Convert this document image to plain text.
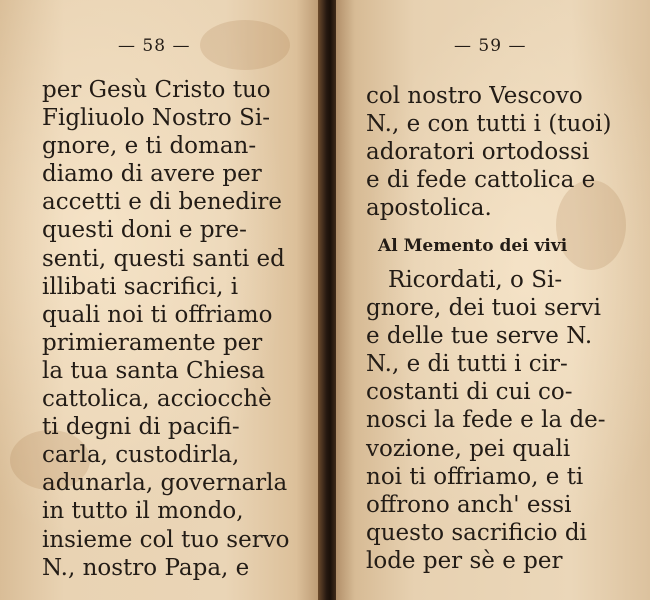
— 58 —
per Gesù Cristo tuo
Figliuolo Nostro Si-
gnore, e ti doman-
diamo di avere per
accetti e di benedire
questi doni e pre-
senti, questi santi ed
illibati sacrifici, i
quali noi ti offriamo
primieramente per
la tua santa Chiesa
cattolica, acciocchè
ti degni di pacifi-
carla, custodirla,
adunarla, governarla
in tutto il mondo,
insieme col tuo servo
N., nostro Papa, e
— 59 —
col nostro Vescovo
N., e con tutti i (tuoi)
adoratori ortodossi
e di fede cattolica e
apostolica.
Al Memento dei vivi
Ricordati, o Si-
gnore, dei tuoi servi
e delle tue serve N.
N., e di tutti i cir-
costanti di cui co-
nosci la fede e la de-
vozione, pei quali
noi ti offriamo, e ti
offrono anch' essi
questo sacrificio di
lode per sè e per
